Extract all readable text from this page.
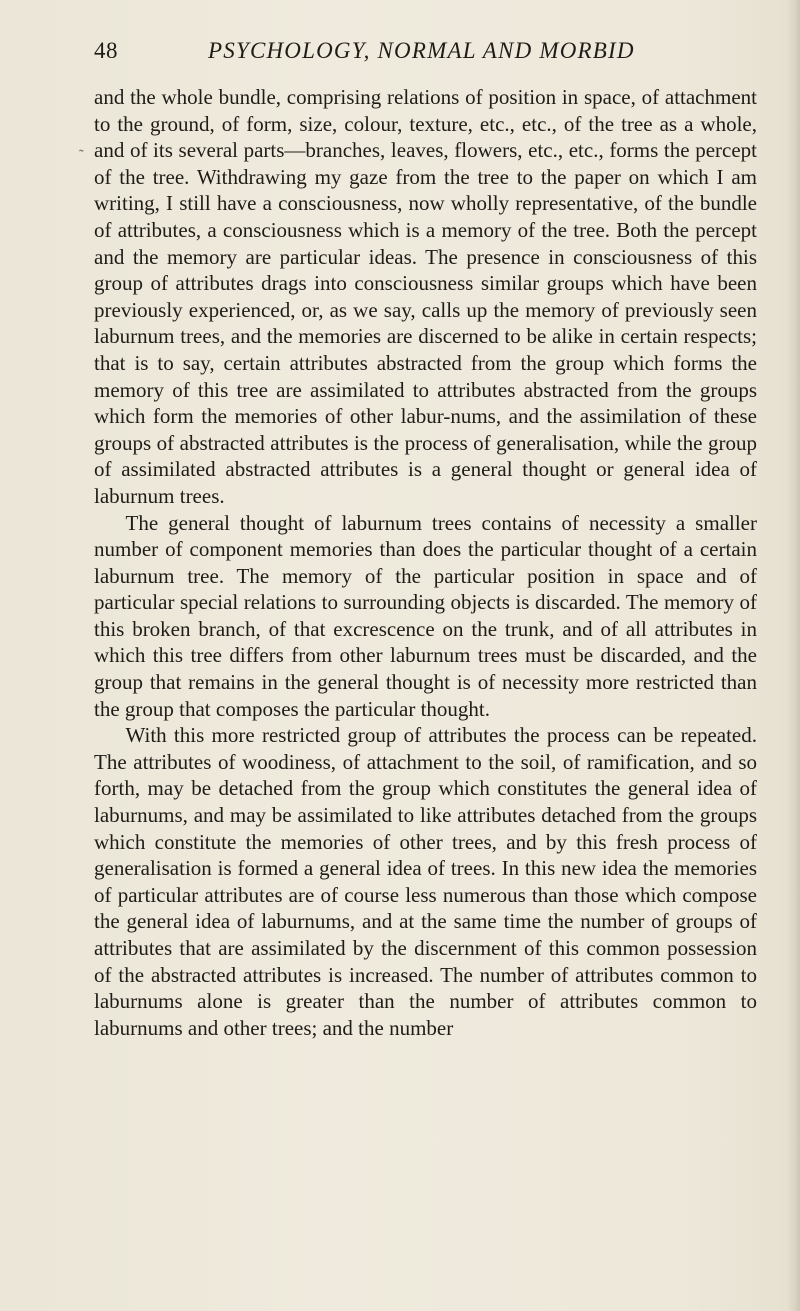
48	PSYCHOLOGY, NORMAL AND MORBID
˜

and the whole bundle, comprising relations of position in space, of attachment to the ground, of form, size, colour, texture, etc., etc., of the tree as a whole, and of its several parts—branches, leaves, flowers, etc., etc., forms the percept of the tree. Withdrawing my gaze from the tree to the paper on which I am writing, I still have a consciousness, now wholly representative, of the bundle of attributes, a consciousness which is a memory of the tree. Both the percept and the memory are particular ideas. The presence in consciousness of this group of attributes drags into consciousness similar groups which have been previously experienced, or, as we say, calls up the memory of previously seen laburnum trees, and the memories are discerned to be alike in certain respects; that is to say, certain attributes abstracted from the group which forms the memory of this tree are assimilated to attributes abstracted from the groups which form the memories of other labur-nums, and the assimilation of these groups of abstracted attributes is the process of generalisation, while the group of assimilated abstracted attributes is a general thought or general idea of laburnum trees.

The general thought of laburnum trees contains of necessity a smaller number of component memories than does the particular thought of a certain laburnum tree. The memory of the particular position in space and of particular special relations to surrounding objects is discarded. The memory of this broken branch, of that excrescence on the trunk, and of all attributes in which this tree differs from other laburnum trees must be discarded, and the group that remains in the general thought is of necessity more restricted than the group that composes the particular thought.

With this more restricted group of attributes the process can be repeated. The attributes of woodiness, of attachment to the soil, of ramification, and so forth, may be detached from the group which constitutes the general idea of laburnums, and may be assimilated to like attributes detached from the groups which constitute the memories of other trees, and by this fresh process of generalisation is formed a general idea of trees. In this new idea the memories of particular attributes are of course less numerous than those which compose the general idea of laburnums, and at the same time the number of groups of attributes that are assimilated by the discernment of this common possession of the abstracted attributes is increased. The number of attributes common to laburnums alone is greater than the number of attributes common to laburnums and other trees; and the number
